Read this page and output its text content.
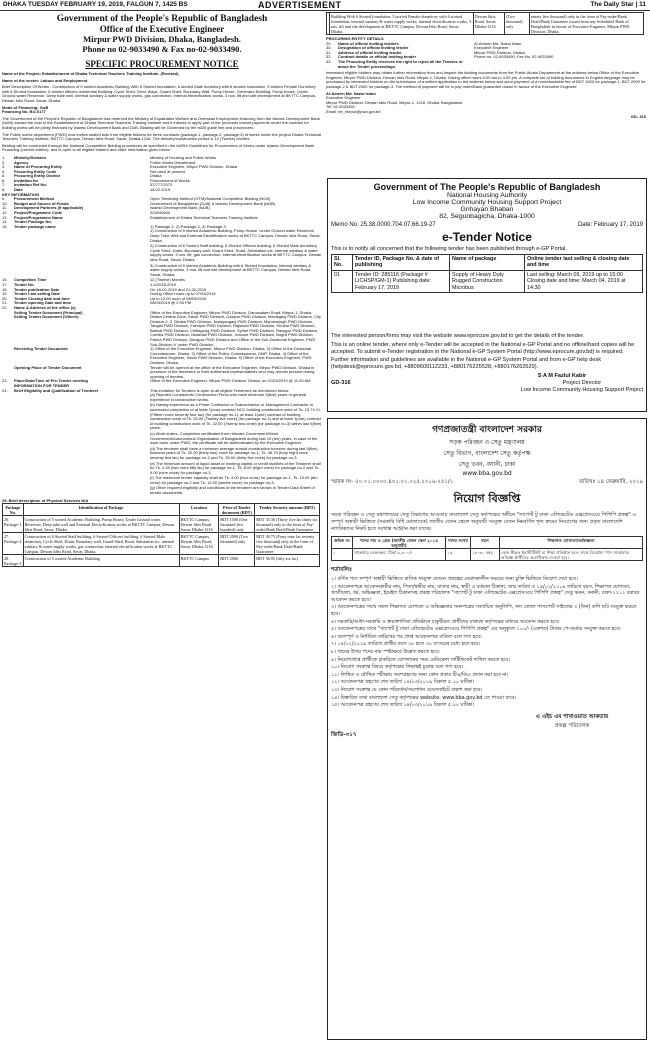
DHAKA TUESDAY FEBRUARY 19, 2019, FALGUN 7, 1425 BS	ADVERTISEMENT	The Daily Star | 11
Government of the People's Republic of Bangladesh
Office of the Executive Engineer
Mirpur PWD Division, Dhaka, Bangladesh.
Phone no 02-9033490 & Fax no-02-9033490.
SPECIFIC PROCUREMENT NOTICE
Name of the Project: Establishment of Dhaka Technical Teachers Training Institute. (Revised)
Name of the sector: Labour and Employment
Brief Description Of Works : Construction of 5 storied Academic Building With 6 Storied foundation, 6 storied Male dormitory with 6 storied foundation, 5 storied Female Dormitory with 6 Storied foundation, 6 storied officers residential Building, Cycle Shed, Drive Ways, Guard Shed, Boundary Wall, Pump House, Generator Building, Pump house, Under Ground water Reservoir, Deep tube well, internal sanitary & water supply works, gas connection, internal electrification works, 3 nos. lift and site development at BKTTC Campus, Dewan Idris Road, Savar, Dhaka.
Mode of Financing: GoB
Financing No. BO-0177
The Government of the People's Republic of Bangladesh has reserved the Ministry of Expatriates Welfare and Overseas Employment financing from the Islamic Development Bank (IsDB) toward the cost of the Establishment of Dhaka Technical Teachers Training Institute and it intends to apply part of the proceeds toward payments under the contract for building works will be jointly financed by Islamic Development Bank and GoB. Bidding will be Governed by the IsDB guide line and procedures.
The Public works department (PWD) now invites sealed bids from eligible bidders for three contracts (package-1, package-2, package-3) of works under the project Dhaka Technical Teachers Training Institute, BKTTC Campus, Dewan Idris Road, Savar, Dhaka-1216. The delivery/construction period is 12 (Twelve) Months.
Bidding will be conducted through the National Competitive Bidding procedures as specified in the IsDB's Guidelines for Procurement of Works under Islamic Development Bank Financing (current edition), and is open to all eligible bidders and other information given below :
1.	Ministry/Division	Ministry of Housing and Public Works
2.	Agency	Public Works Department
3.	Name of Procuring Entity	Executive Engineer, Mirpur PWD Division, Dhaka
4.	Procuring Entity Code	Not used at present
5.	Procuring Entity District	Dhaka
6.	Invitation for	Procurement of Works
7.	Invitation Ref No.	37/777/2072
8.	Date	18.02.2019
KEY INFORMATION
9.	Procurement Method	Open Tendering Method (OTM)/National Competitive Bidding (NCB)
10.	Budget and Source of Funds	Government of Bangladesh (GoB) & Islamic Development Bank (IsDB)
11.	Development Partners (if applicable)	Islamic Development Bank (IsDB)
12.	Project/Programme Code	224040600
13.	Project/Programme Name	Establishment of Dhaka Technical Teachers Training Institute
14.	Tender Package No.
15.	Tender package name	1) Package-1, 2) Package-2, 3) Package-3
1) Construction of 5 storied Academic Building, Pump House, Under Ground water Reservoir, Deep Tube Well and External Electrification works at BKTTC Campus, Dewan Idris Road, Savar, Dhaka.
2) Construction of 6 Storied Staff building, 6 Storied Officers building, 6 Storied Male dormitory, Cycle Shed, Drain, Boundary wall, Guard Shed, Road, Substation etc. internal sanitary & water supply works, 3 nos. lift, gas connection, internal electrification works at BKTTC Campus, Dewan Idris Road, Savar, Dhaka.
3) Construction of 5 storied Academic Building with 6 Storied foundation, internal sanitary & water supply works, 3 nos. lift and site development at BKTTC Campus, Dewan Idris Road, Savar, Dhaka.
16.	Completion Time	12 (Twelve) Months
17.	Tender No.	1-4/2018-2019
18.	Tender publication Date	On 18-02-2019 and 21-02-2019
19.	Tender Last selling Date	During Office hours up to 07/03/2019
20.	Tender Closing date and time	Up to 12.00 noon of 08/03/2019
21.	Tender opening Date and time	08/03/2019 @ 2.00 PM
22.	Name & Address of the office (s)
Selling Tender Document (Principal)	Office of the Executive Engineer, Mirpur PWD Division, Darussalam Road, Mirpur-1, Dhaka.
Selling Tender Document (Others)	Dhaka Central Zone, Savar PWD Division, Gazipur PWD Division, Manikganj PWD Division, City Division-2, 3, Dhaka PWD Division, Narayanganj PWD Division, Mymensingh PWD Division, Tangail PWD Division, Faridpur PWD Division, Rajshahi PWD Division, Khulna PWD Division, Barisal PWD Division, Chittagong PWD Division, Sylhet PWD Division, Rangpur PWD Division, Comilla PWD Division, Noakhali PWD Division, Jessore PWD Division, Bogra PWD Division, Pabna PWD Division, Dinajpur PWD Division and Office of the Sub-Divisional Engineer, PWD Sub-Division-V under PWD Division.
Receiving Tender Document	1) Office of the Executive Engineer, Mirpur PWD Division, Dhaka. 2) Office of the Divisional Commissioner, Dhaka. 3) Office of the Police Commissioner, DMP, Dhaka. 4) Office of the Executive Engineer, Savar PWD Division, Dhaka. 5) Office of the Executive Engineer, PWD Division, Dhaka.
Opening Place of Tender Document	Tender will be opened at the office of the Executive Engineer, Mirpur PWD Division, Dhaka in presence of the tenderers or their authorised representatives who may remain present during opening of tenders.
23.	Place/Date/Time of Pre-Tender meeting	Office of the Executive Engineer, Mirpur PWD Division, Dhaka, on 01/03/2019 @ 11.00 AM
INFORMATION FOR TENDER
24.	Brief Eligibility and Qualification of Tenderer	This invitation for Tenders is open to all eligible Tenderers as mentioned below:
(a) Reputed Contractors/ Construction Firms who have minimum 5(five) years of general experience in construction works.
(b) Having experience as a Prime Contractor or Subcontractor or Management Contractor in successful completion of at least 1(one) contract NCC building construction work of Tk. 15.74 Cr. (Fifteen crore seventy four lac) (for package no-1), at least 1(one) contract of building construction work of Tk. 25.00 (Twenty five crore) (for package no-2) and at least 1(one) contract of building construction work of Tk. 22.00 (Twenty two crore) (for package no-3) within last 5(five) years.
(c) Work orders, Completion certificates from relevant Government/Semi-Government/Autonomous Organisation of Bangladesh during last 10 (ten) years, in case of the work done under PWD, the certificate will be authenticated by the Executive Engineer.
(d) The tenderer shall have a minimum average annual construction turnover during last 5(five) financial years of Tk. 32.00 (thirty two) crore for package no-1, Tk. 48.75 (forty eight crore seventy five lac) for package no-2 and Tk. 35.00 (thirty five crore) for package no-3.
(e) The minimum amount of liquid asset or working capital or credit facilities of the Tenderer shall be Tk. 2.50 (two crore fifty lac) for package no-1, Tk. 8.00 (eight crore) for package no-2 and Tk. 9.00 (nine crore) for package no-3.
(f) The maximum tender capacity shall be Tk. 4.00 (four crore) for package no-1, Tk. 10.00 (ten crore) for package no-2 and Tk. 12.00 (twelve crore) for package no-3.
(g) Other required eligibility and conditions of the tenderer are shown in Tender Data Sheet of tender documents.
25. Brief description of Physical Services N/A
Package No.	Identification of Package	Location	Price of Tender document (BDT)	Tender Security amount (BDT)
26. Package-1	Construction of 5 storied Academic Building, Pump House, Under Ground water Reservoir, Deep tube well and External Electrification works at BKTTC Campus, Dewan Idris Road, Savar, Dhaka.	BKTTC Campus, Dewan Idris Road, Savar, Dhaka-1216	BDT 1500 (One thousand five hundred) only	BDT 35.36 (Thirty five lac thirty six thousand) only in the form of Pay-order/Bank Draft/Bank Guarantee
27. Package-2	Construction of 6 Storied Staff building, 6 Storied Officers building, 6 Storied Male dormitory, Cycle Shed, Drain, Boundary wall, Guard Shed, Road, Substation etc. internal sanitary & water supply works, gas connection, internal electrification works at BKTTC Campus, Dewan Idris Road, Savar, Dhaka.	BKTTC Campus, Dewan Idris Road, Savar, Dhaka-1216	BDT 2000 (Two thousand) only	BDT 49.75 (Forty nine lac seventy five thousand) only in the form of Pay-order/Bank Draft/Bank Guarantee
28. Package-3	Construction of 5 storied Academic Building	BKTTC Campus	BDT 2000	BDT 56.95 (fifty six lac)
	Building With 6 Storied foundation, 5 storied Female dormitory with 6 storied foundation, internal sanitary & water supply works, internal electrification works, 3 nos. lift and site development at BKTTC Campus, Dewan Idris Road, Savar, Dhaka.	Dewan Idris Road, Savar, Dhaka-1216	(Two thousand) only	ninety five thousand) only in the form of Pay-order/Bank Draft/Bank Guarantee issued from any Scheduled Bank of Bangladesh in favour of Executive Engineer, Mirpur PWD Division, Dhaka.
PROCURING ENTITY DETAILS
29.	Name of official inviting tenders	Al-Ameen Md. Nazul Islam
30.	Designation of official inviting tender	Executive Engineer
31.	Address of official inviting tender	Mirpur PWD Division, Dhaka
32.	Contract details or official inviting tender	Phone no. 02-9033490, Fax No. 02-9033490
33.	The Procuring Entity reserves the right to reject all the Tenders or annul the Tender proceedings.
Interested eligible bidders may obtain further information from and inspect the bidding documents from the Public Works Department at the address below Office of the Executive Engineer, Mirpur PWD Division, Dewan Idris Road, Mirpur-1, Dhaka. During office hours 9.00 am to 3.00 pm. A complete set of bidding documents in English language may be purchased by interested bidders on the submission of a written application to the address below and upon payment of a nonrefundable fee of BDT 1500 for package-1, BDT 2000 for package-2 & BDT 2000 for package-3. The method of payment will be in pay order/Bank guarantee drawn in favour of the Executive Engineer.
Al-Ameen Md. Nazul Islam
Executive Engineer
Mirpur PWD Division, Dewan Idris Road, Mirpur-1, 1216, Dhaka, Bangladesh.
Tel: 02-9033490
Email: ee_mirpur@pwd.gov.bd
GD- 319
Government of The People's Republic of Bangladesh
National Housing Authority
Low Income Community Housing Support Project
Grihayan Bhaban
82, Segunbagicha, Dhaka-1000
Memo No. 25.38.0000.704.07.66.19-27	Date: February 17, 2019
e-Tender Notice
This is to notify all concerned that the following tender has been published through e-GP Portal.
Sl. No.	Tender ID, Package No. & date of publishing	Name of package	Online tender last selling & closing date and time
01	Tender ID: 285116 (Package # LICHSP/GM-1) Publishing date: February 17, 2019	Supply of Heavy Duty Rugged Construction Microbus	Last selling: March 03, 2019 up to 15:00 Closing date and time: March 04, 2019 at 14:30
The interested person/firms may visit the website www.eprocure.gov.bd to get the details of the tender.
This is an online tender, where only e-Tender will be accepted in the National e-GP Portal and no offline/hard copies will be accepted. To submit e-Tender registration in the National e-GP System Portal (http://www.eprocure.gov.bd) is required.
Further information and guidelines are available in the National e-GP System Portal and from e-GP help desk (helpdesk@eprocure.gov.bd, +8809609112233, +880176225528, +880176262529).
S A M Fazlul Kabir
GD-316	Project Director
Low Income Community Housing Support Project
গণপ্রজাতন্ত্রী বাংলাদেশ সরকার
সড়ক পরিবহন ও সেতু মন্ত্রণালয়
সেতু বিভাগ, বাংলাদেশ সেতু কর্তৃপক্ষ
সেতু ভবন, বনানী, ঢাকা
www.bba.gov.bd
স্মারক নং- ৫০.০১.০০০০.৪০১.০১.০২৫.২০১৯-২৫১/১	তারিখঃ ১৪ ফেব্রুয়ারি, ২০১৯
নিয়োগ বিজ্ঞপ্তি
সড়ক পরিবহন ও সেতু মন্ত্রণালয়ের সেতু বিভাগের আওতায় বাংলাদেশ সেতু কর্তৃপক্ষের অধীনে "সাপোর্ট টু ঢাকা এলিভেটেড এক্সপ্রেসওয়ে পিপিপি প্রকল্প" এ সম্পূর্ণ অস্থায়ী ভিত্তিতে (সরকারি বিধি মোতাবেক) জাতীয় বেতন স্কেলে অনুযায়ী সংযুক্ত বেতন নিম্নবর্ণিত শূন্য ক্রমের নিয়োগের জন্য প্রকৃত বাংলাদেশি নাগরিকদের নিকট হতে দরখাস্ত আহ্বান করা যাচ্ছে।
ক্রমিক নং	পদের নাম ও গ্রেড (জাতীয় বেতন স্কেল ২০১৫ অনুযায়ী)	পদের সংখ্যা	বয়স	শিক্ষাগত যোগ্যতা/অভিজ্ঞতা
১	সার্ভেয়ার বেতনক্রম: টাকা ৯,৩০০/-	১৬	১৮-৩০ বছর	কোন স্বীকৃত ইনস্টিটিউট বা শিক্ষা প্রতিষ্ঠান হতে সার্ভে ডিপ্লোমা পাস সার্ভেয়ার। অভিজ্ঞ প্রার্থীদের অগ্রাধিকার দেওয়া হবে।
শর্তাবলিঃ
১। বর্ণিত পদে সম্পূর্ণ অস্থায়ী ভিত্তিতে মাসিক সংযুক্ত বেতনে প্রকল্পের মেয়াদকালীন সময়ের জন্য চুক্তি ভিত্তিতে নিয়োগ দেয়া হবে।
২। আবেদনপত্রে আবেদনকারীর নাম, পিতা/স্বামীর নাম, মাতার নাম, স্থায়ী ও বর্তমান ঠিকানা, জন্ম তারিখ ও ১৪/০২/২০১৯ তারিখে বয়স, শিক্ষাগত যোগ্যতা, জাতীয়তা, ধর্ম, অভিজ্ঞতা, ইমেইল ঠিকানাসহ প্রকল্প পরিচালক "সাপোর্ট টু ঢাকা এলিভেটেড এক্সপ্রেসওয়ে পিপিপি প্রকল্প" সেতু ভবন, বনানী, ঢাকা-১২১২ বরাবর আবেদন করতে হবে।
৩। আবেদনপত্রের সাথে সকল শিক্ষাগত যোগ্যতা ও অভিজ্ঞতার সনদপত্রের সত্যায়িত অনুলিপি, সদ্য তোলা পাসপোর্ট সাইজের ৩ (তিন) কপি ছবি সংযুক্ত করতে হবে।
৪। সরকারি/আধা-সরকারি ও স্বায়ত্তশাসিত প্রতিষ্ঠানে চাকুরীরত প্রার্থীদের যথাযথ কর্তৃপক্ষের মাধ্যমে আবেদন করতে হবে।
৫। আবেদনপত্রের সাথে "সাপোর্ট টু ঢাকা এলিভেটেড এক্সপ্রেসওয়ে পিপিপি প্রকল্প" এর অনুকূলে ১০০/- (একশত) টাকার পে-অর্ডার সংযুক্ত করতে হবে।
৬। অসম্পূর্ণ ও নির্ধারিত তারিখের পর প্রাপ্ত আবেদনপত্র বাতিল বলে গণ্য হবে।
৭। ১৪/০২/২০১৯ তারিখে প্রার্থীর বয়স ১৮ হতে ৩০ বৎসরের মধ্যে হতে হবে।
৮। খামের উপর পদের নাম স্পষ্টাক্ষরে উল্লেখ করতে হবে।
৯। নিয়োগপ্রাপ্ত প্রার্থীকে চাকরিতে যোগদানের সময় মেডিকেল সার্টিফিকেট দাখিল করতে হবে।
১০। নিয়োগ সংক্রান্ত বিষয়ে কর্তৃপক্ষের সিদ্ধান্তই চূড়ান্ত বলে গণ্য হবে।
১১। লিখিত ও মৌখিক পরীক্ষায় অংশগ্রহণের জন্য কোন প্রকার টিএ/ডিএ প্রদান করা হবে না।
১২। আবেদনপত্র গ্রহণের শেষ তারিখ ১৪/০৩/২০১৯ বিকাল ৫.০০ ঘটিকা।
১৩। নিয়োগ সংক্রান্ত যে কোন পরিবর্তন/সংশোধন ওয়েবসাইটে প্রকাশ করা হবে।
১৪। বিস্তারিত তথ্য বাংলাদেশ সেতু কর্তৃপক্ষের website: www.bba.gov.bd তে পাওয়া যাবে।
১৫। আবেদনপত্র গ্রহণের শেষ তারিখ ১৪/০৩/২০১৯ বিকাল ৫.০০ ঘটিকা।
এ এইচ এম শাখাওয়াত আকতার
প্রকল্প পরিচালক
জিডি-৩১৭
